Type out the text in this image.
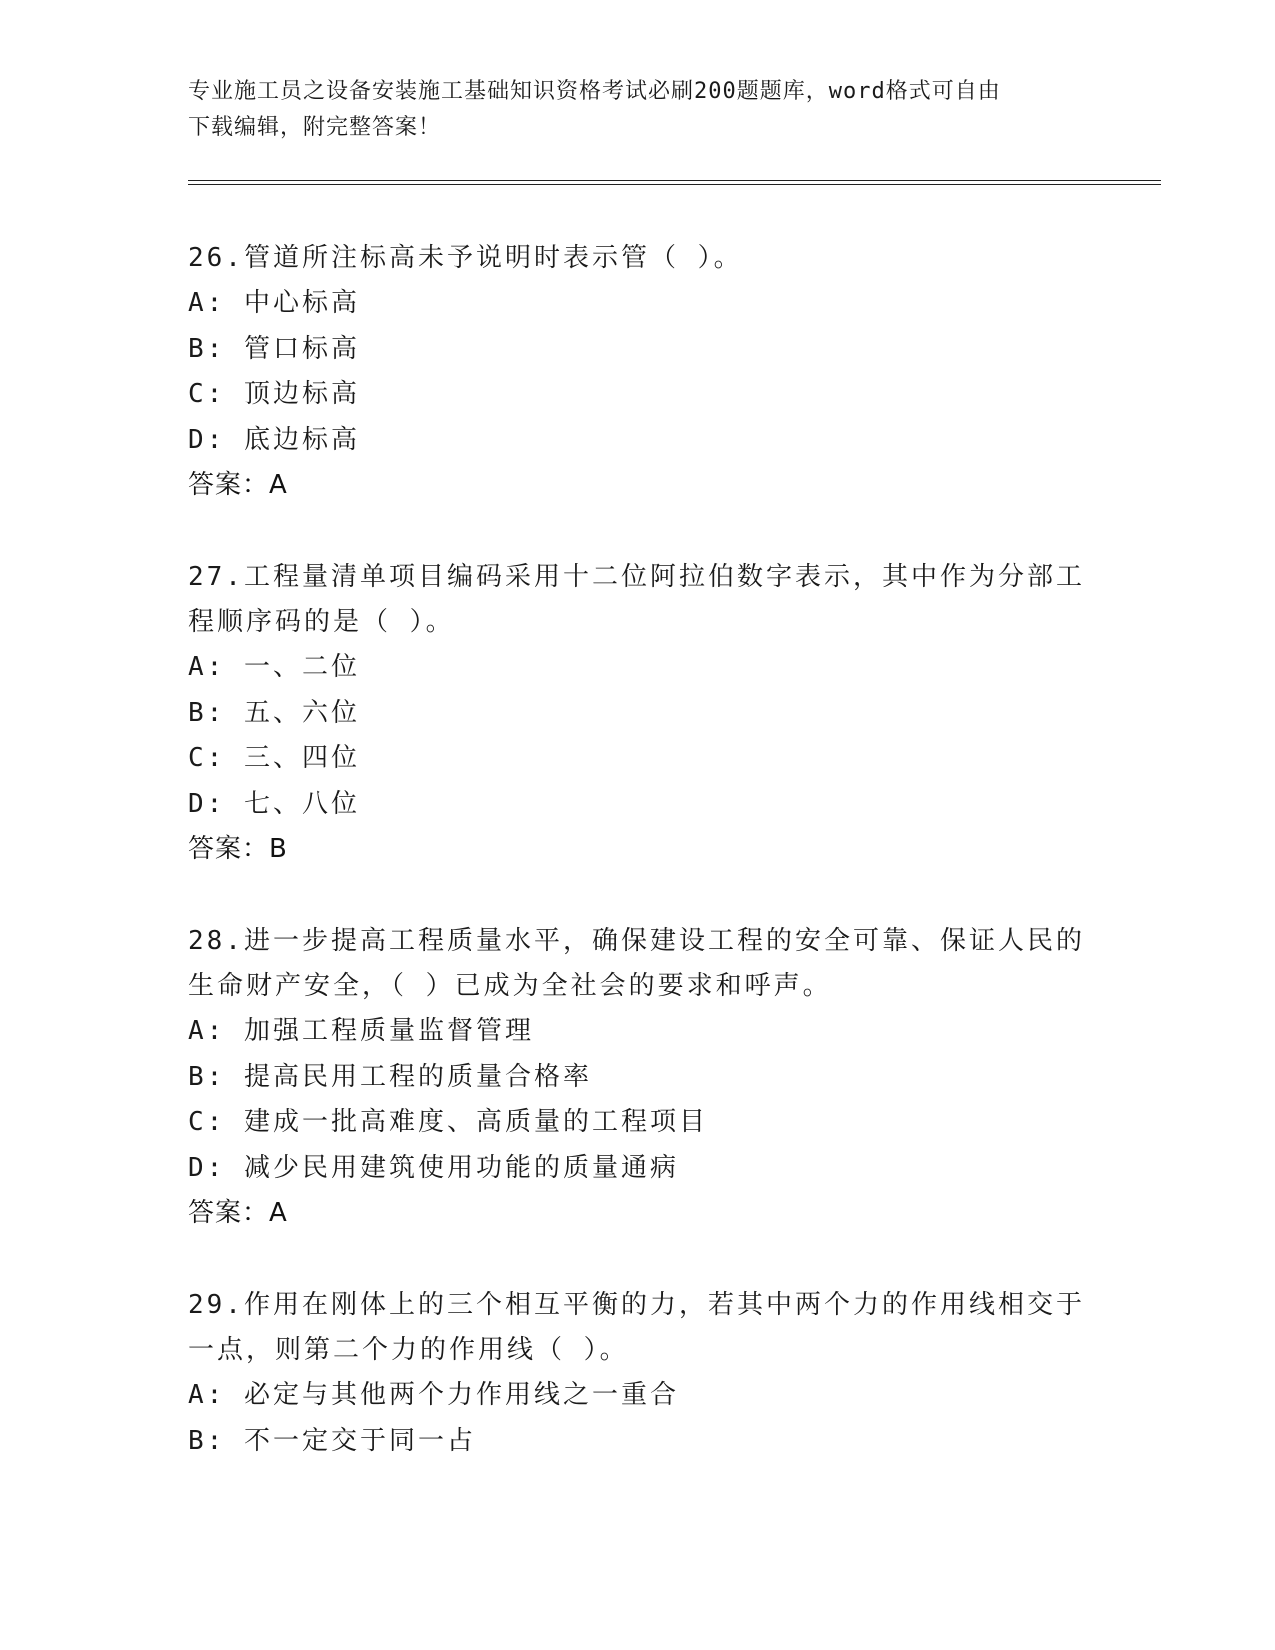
专业施工员之设备安装施工基础知识资格考试必刷200题题库，word格式可自由
下载编辑，附完整答案！
26.管道所注标高未予说明时表示管（ ）。
A: 中心标高
B: 管口标高
C: 顶边标高
D: 底边标高
答案：A
27.工程量清单项目编码采用十二位阿拉伯数字表示，其中作为分部工程顺序码的是（ ）。
A: 一、二位
B: 五、六位
C: 三、四位
D: 七、八位
答案：B
28.进一步提高工程质量水平，确保建设工程的安全可靠、保证人民的生命财产安全，（ ）已成为全社会的要求和呼声。
A: 加强工程质量监督管理
B: 提高民用工程的质量合格率
C: 建成一批高难度、高质量的工程项目
D: 减少民用建筑使用功能的质量通病
答案：A
29.作用在刚体上的三个相互平衡的力，若其中两个力的作用线相交于一点，则第二个力的作用线（ ）。
A: 必定与其他两个力作用线之一重合
B: 不一定交于同一占
